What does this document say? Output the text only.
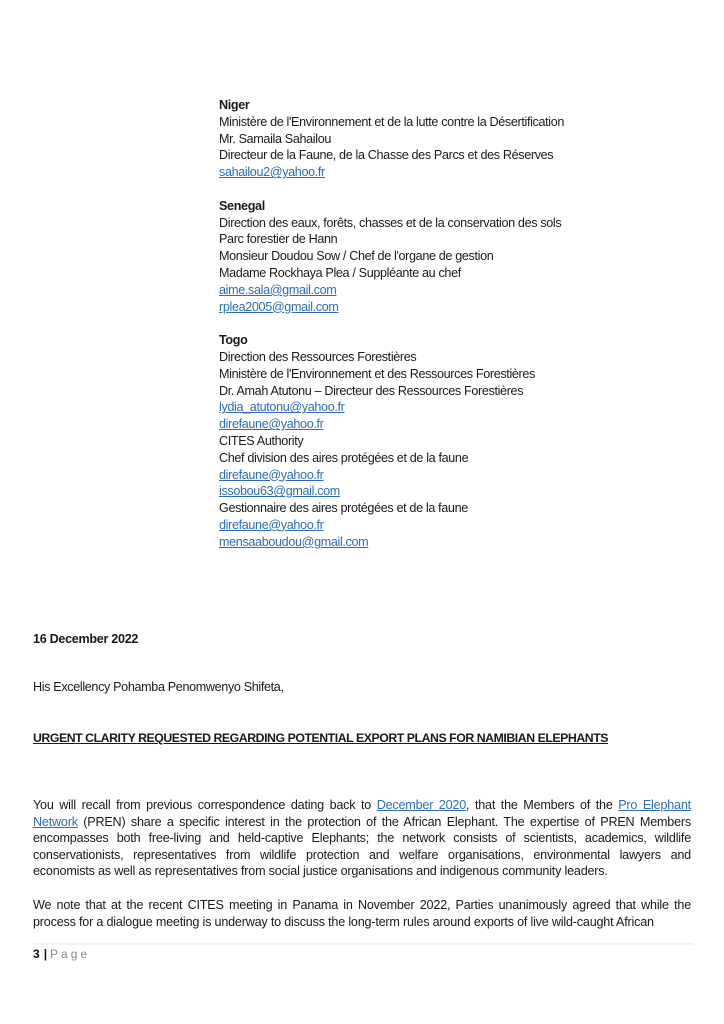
Niger
Ministère de l'Environnement et de la lutte contre la Désertification
Mr. Samaila Sahailou
Directeur de la Faune, de la Chasse des Parcs et des Réserves
sahailou2@yahoo.fr
Senegal
Direction des eaux, forêts, chasses et de la conservation des sols
Parc forestier de Hann
Monsieur Doudou Sow / Chef de l'organe de gestion
Madame Rockhaya Plea / Suppléante au chef
aime.sala@gmail.com
rplea2005@gmail.com
Togo
Direction des Ressources Forestières
Ministère de l'Environnement et des Ressources Forestières
Dr. Amah Atutonu – Directeur des Ressources Forestières
lydia_atutonu@yahoo.fr
direfaune@yahoo.fr
CITES Authority
Chef division des aires protégées et de la faune
direfaune@yahoo.fr
issobou63@gmail.com
Gestionnaire des aires protégées et de la faune
direfaune@yahoo.fr
mensaaboudou@gmail.com
16 December 2022
His Excellency Pohamba Penomwenyo Shifeta,
URGENT CLARITY REQUESTED REGARDING POTENTIAL EXPORT PLANS FOR NAMIBIAN ELEPHANTS

You will recall from previous correspondence dating back to December 2020, that the Members of the Pro Elephant Network (PREN) share a specific interest in the protection of the African Elephant. The expertise of PREN Members encompasses both free-living and held-captive Elephants; the network consists of scientists, academics, wildlife conservationists, representatives from wildlife protection and welfare organisations, environmental lawyers and economists as well as representatives from social justice organisations and indigenous community leaders.

We note that at the recent CITES meeting in Panama in November 2022, Parties unanimously agreed that while the process for a dialogue meeting is underway to discuss the long-term rules around exports of live wild-caught African

3 | Page
